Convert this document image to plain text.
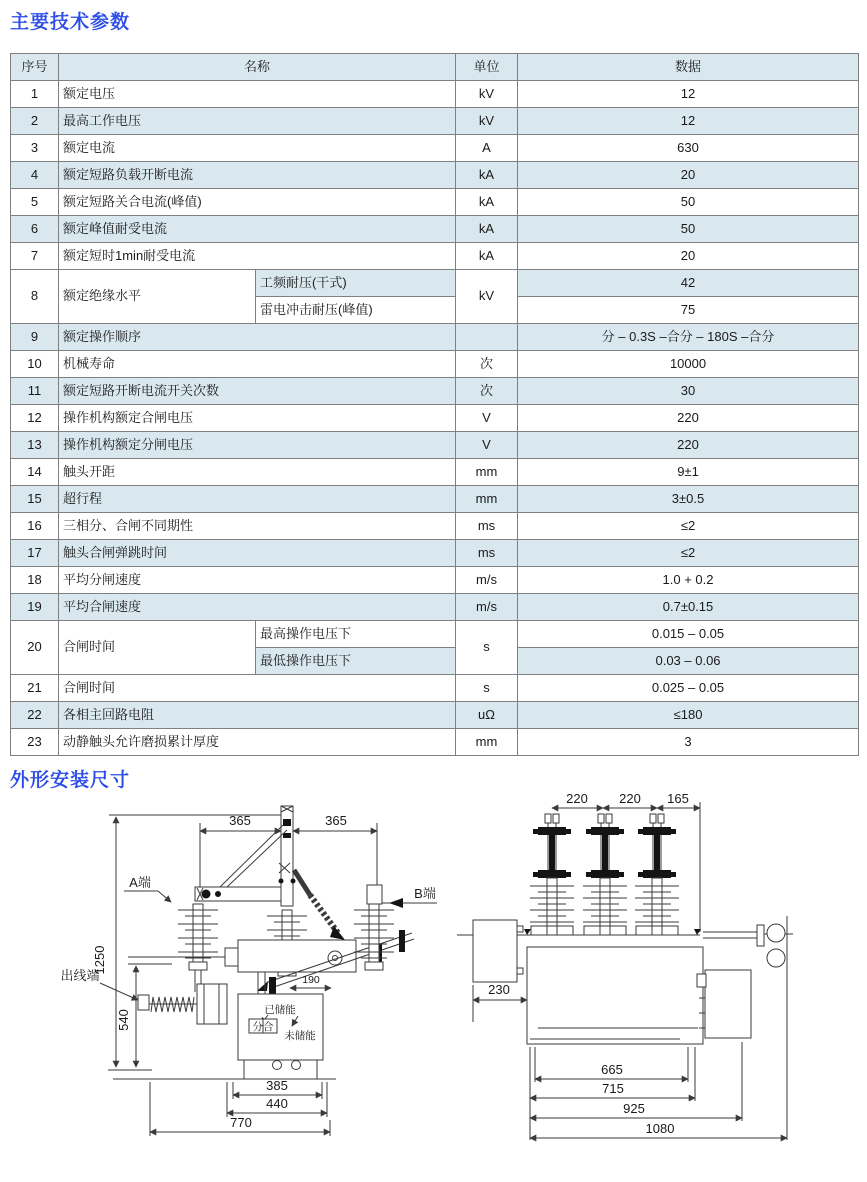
主要技术参数
序号	名称		单位	数据
1	额定电压		kV	12
2	最高工作电压		kV	12
3	额定电流		A	630
4	额定短路负载开断电流		kA	20
5	额定短路关合电流(峰值)		kA	50
6	额定峰值耐受电流		kA	50
7	额定短时1min耐受电流		kA	20
8	额定绝缘水平	工频耐压(干式)	kV	42
		雷电冲击耐压(峰值)		75
9	额定操作顺序			分 – 0.3S –合分 – 180S –合分
10	机械寿命		次	10000
11	额定短路开断电流开关次数		次	30
12	操作机构额定合闸电压		V	220
13	操作机构额定分闸电压		V	220
14	触头开距		mm	9±1
15	超行程		mm	3±0.5
16	三相分、合闸不同期性		ms	≤2
17	触头合闸弹跳时间		ms	≤2
18	平均分闸速度		m/s	1.0 + 0.2
19	平均合闸速度		m/s	0.7±0.15
20	合闸时间	最高操作电压下	s	0.015 – 0.05
		最低操作电压下		0.03 – 0.06
21	合闸时间		s	0.025 – 0.05
22	各相主回路电阻		uΩ	≤180
23	动静触头允许磨损累计厚度		mm	3
外形安装尺寸
1250
540
365	365
A端
B端
190
出线端
已储能
分合
未储能
385
440
770
220 220 165
230
665
715
925
1080
